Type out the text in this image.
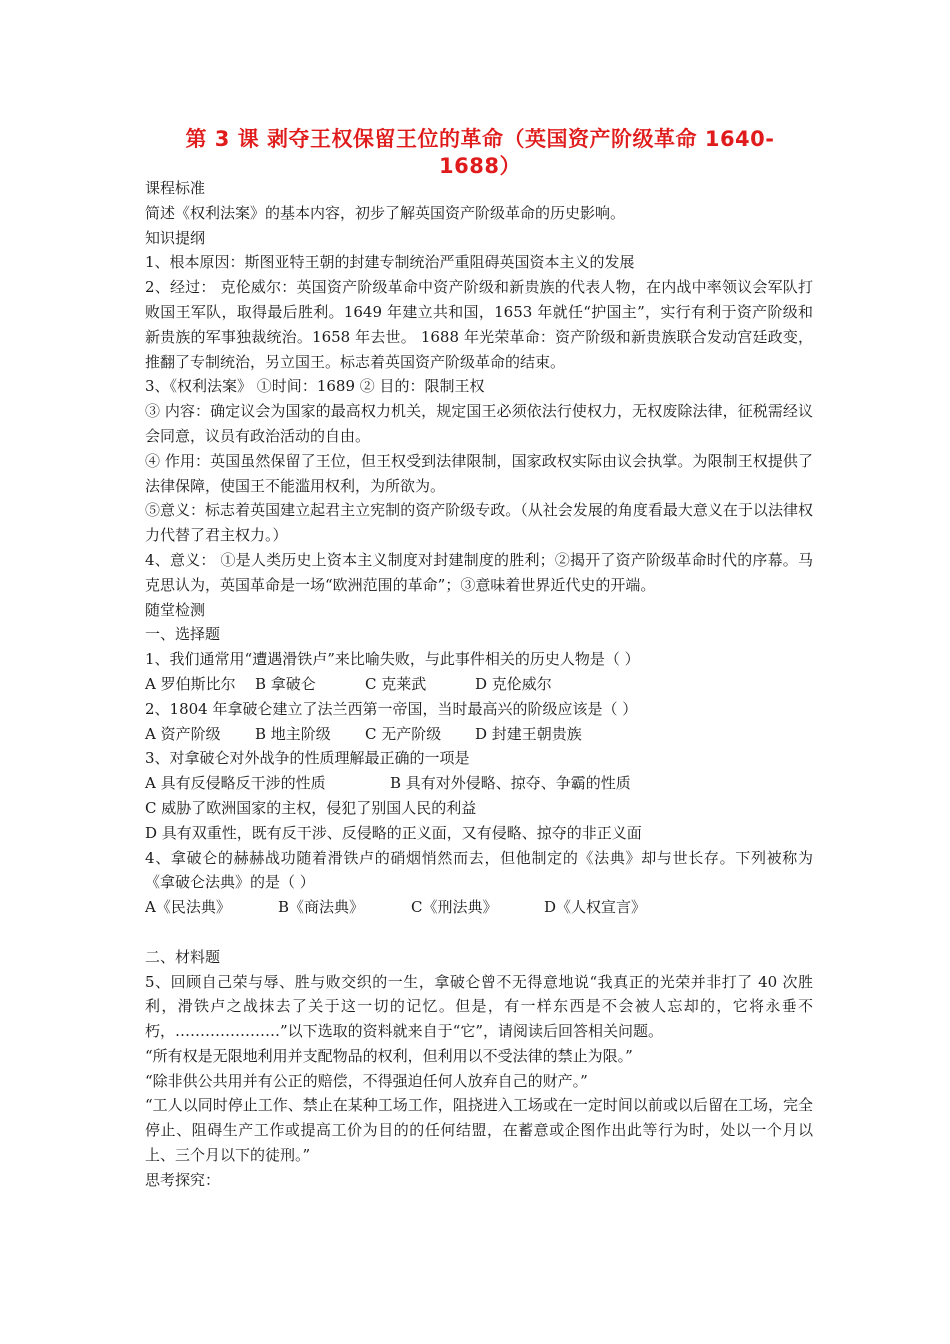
第 3 课 剥夺王权保留王位的革命（英国资产阶级革命 1640-
1688）

课程标准

简述《权利法案》的基本内容，初步了解英国资产阶级革命的历史影响。

知识提纲

1、根本原因：斯图亚特王朝的封建专制统治严重阻碍英国资本主义的发展

2、经过： 克伦威尔：英国资产阶级革命中资产阶级和新贵族的代表人物，在内战中率领议会军队打败国王军队，取得最后胜利。1649 年建立共和国，1653 年就任“护国主”，实行有利于资产阶级和新贵族的军事独裁统治。1658 年去世。 1688 年光荣革命：资产阶级和新贵族联合发动宫廷政变，推翻了专制统治，另立国王。标志着英国资产阶级革命的结束。

3、《权利法案》 ①时间：1689 ② 目的：限制王权

③ 内容：确定议会为国家的最高权力机关，规定国王必须依法行使权力，无权废除法律，征税需经议会同意，议员有政治活动的自由。

④ 作用：英国虽然保留了王位，但王权受到法律限制，国家政权实际由议会执掌。为限制王权提供了法律保障，使国王不能滥用权利，为所欲为。

⑤意义：标志着英国建立起君主立宪制的资产阶级专政。（从社会发展的角度看最大意义在于以法律权力代替了君主权力。）

4、意义： ①是人类历史上资本主义制度对封建制度的胜利；②揭开了资产阶级革命时代的序幕。马克思认为，英国革命是一场“欧洲范围的革命”；③意味着世界近代史的开端。

随堂检测

一、选择题

1、我们通常用“遭遇滑铁卢”来比喻失败，与此事件相关的历史人物是（ ）

A 罗伯斯比尔	B 拿破仑	C 克莱武	D 克伦威尔

2、1804 年拿破仑建立了法兰西第一帝国，当时最高兴的阶级应该是（ ）

A 资产阶级	B 地主阶级	C 无产阶级	D 封建王朝贵族

3、对拿破仑对外战争的性质理解最正确的一项是

A 具有反侵略反干涉的性质	B 具有对外侵略、掠夺、争霸的性质

C 威胁了欧洲国家的主权，侵犯了别国人民的利益

D 具有双重性，既有反干涉、反侵略的正义面，又有侵略、掠夺的非正义面

4、拿破仑的赫赫战功随着滑铁卢的硝烟悄然而去，但他制定的《法典》却与世长存。下列被称为《拿破仑法典》的是（ ）

A《民法典》	B《商法典》	C《刑法典》	D《人权宣言》

二、材料题

5、回顾自己荣与辱、胜与败交织的一生，拿破仑曾不无得意地说“我真正的光荣并非打了 40 次胜利，滑铁卢之战抹去了关于这一切的记忆。但是，有一样东西是不会被人忘却的，它将永垂不朽，…………………”以下选取的资料就来自于“它”，请阅读后回答相关问题。

“所有权是无限地利用并支配物品的权利，但利用以不受法律的禁止为限。”

“除非供公共用并有公正的赔偿，不得强迫任何人放弃自己的财产。”

“工人以同时停止工作、禁止在某种工场工作，阻挠进入工场或在一定时间以前或以后留在工场，完全停止、阻碍生产工作或提高工价为目的的任何结盟，在蓄意或企图作出此等行为时，处以一个月以上、三个月以下的徒刑。”

思考探究：
